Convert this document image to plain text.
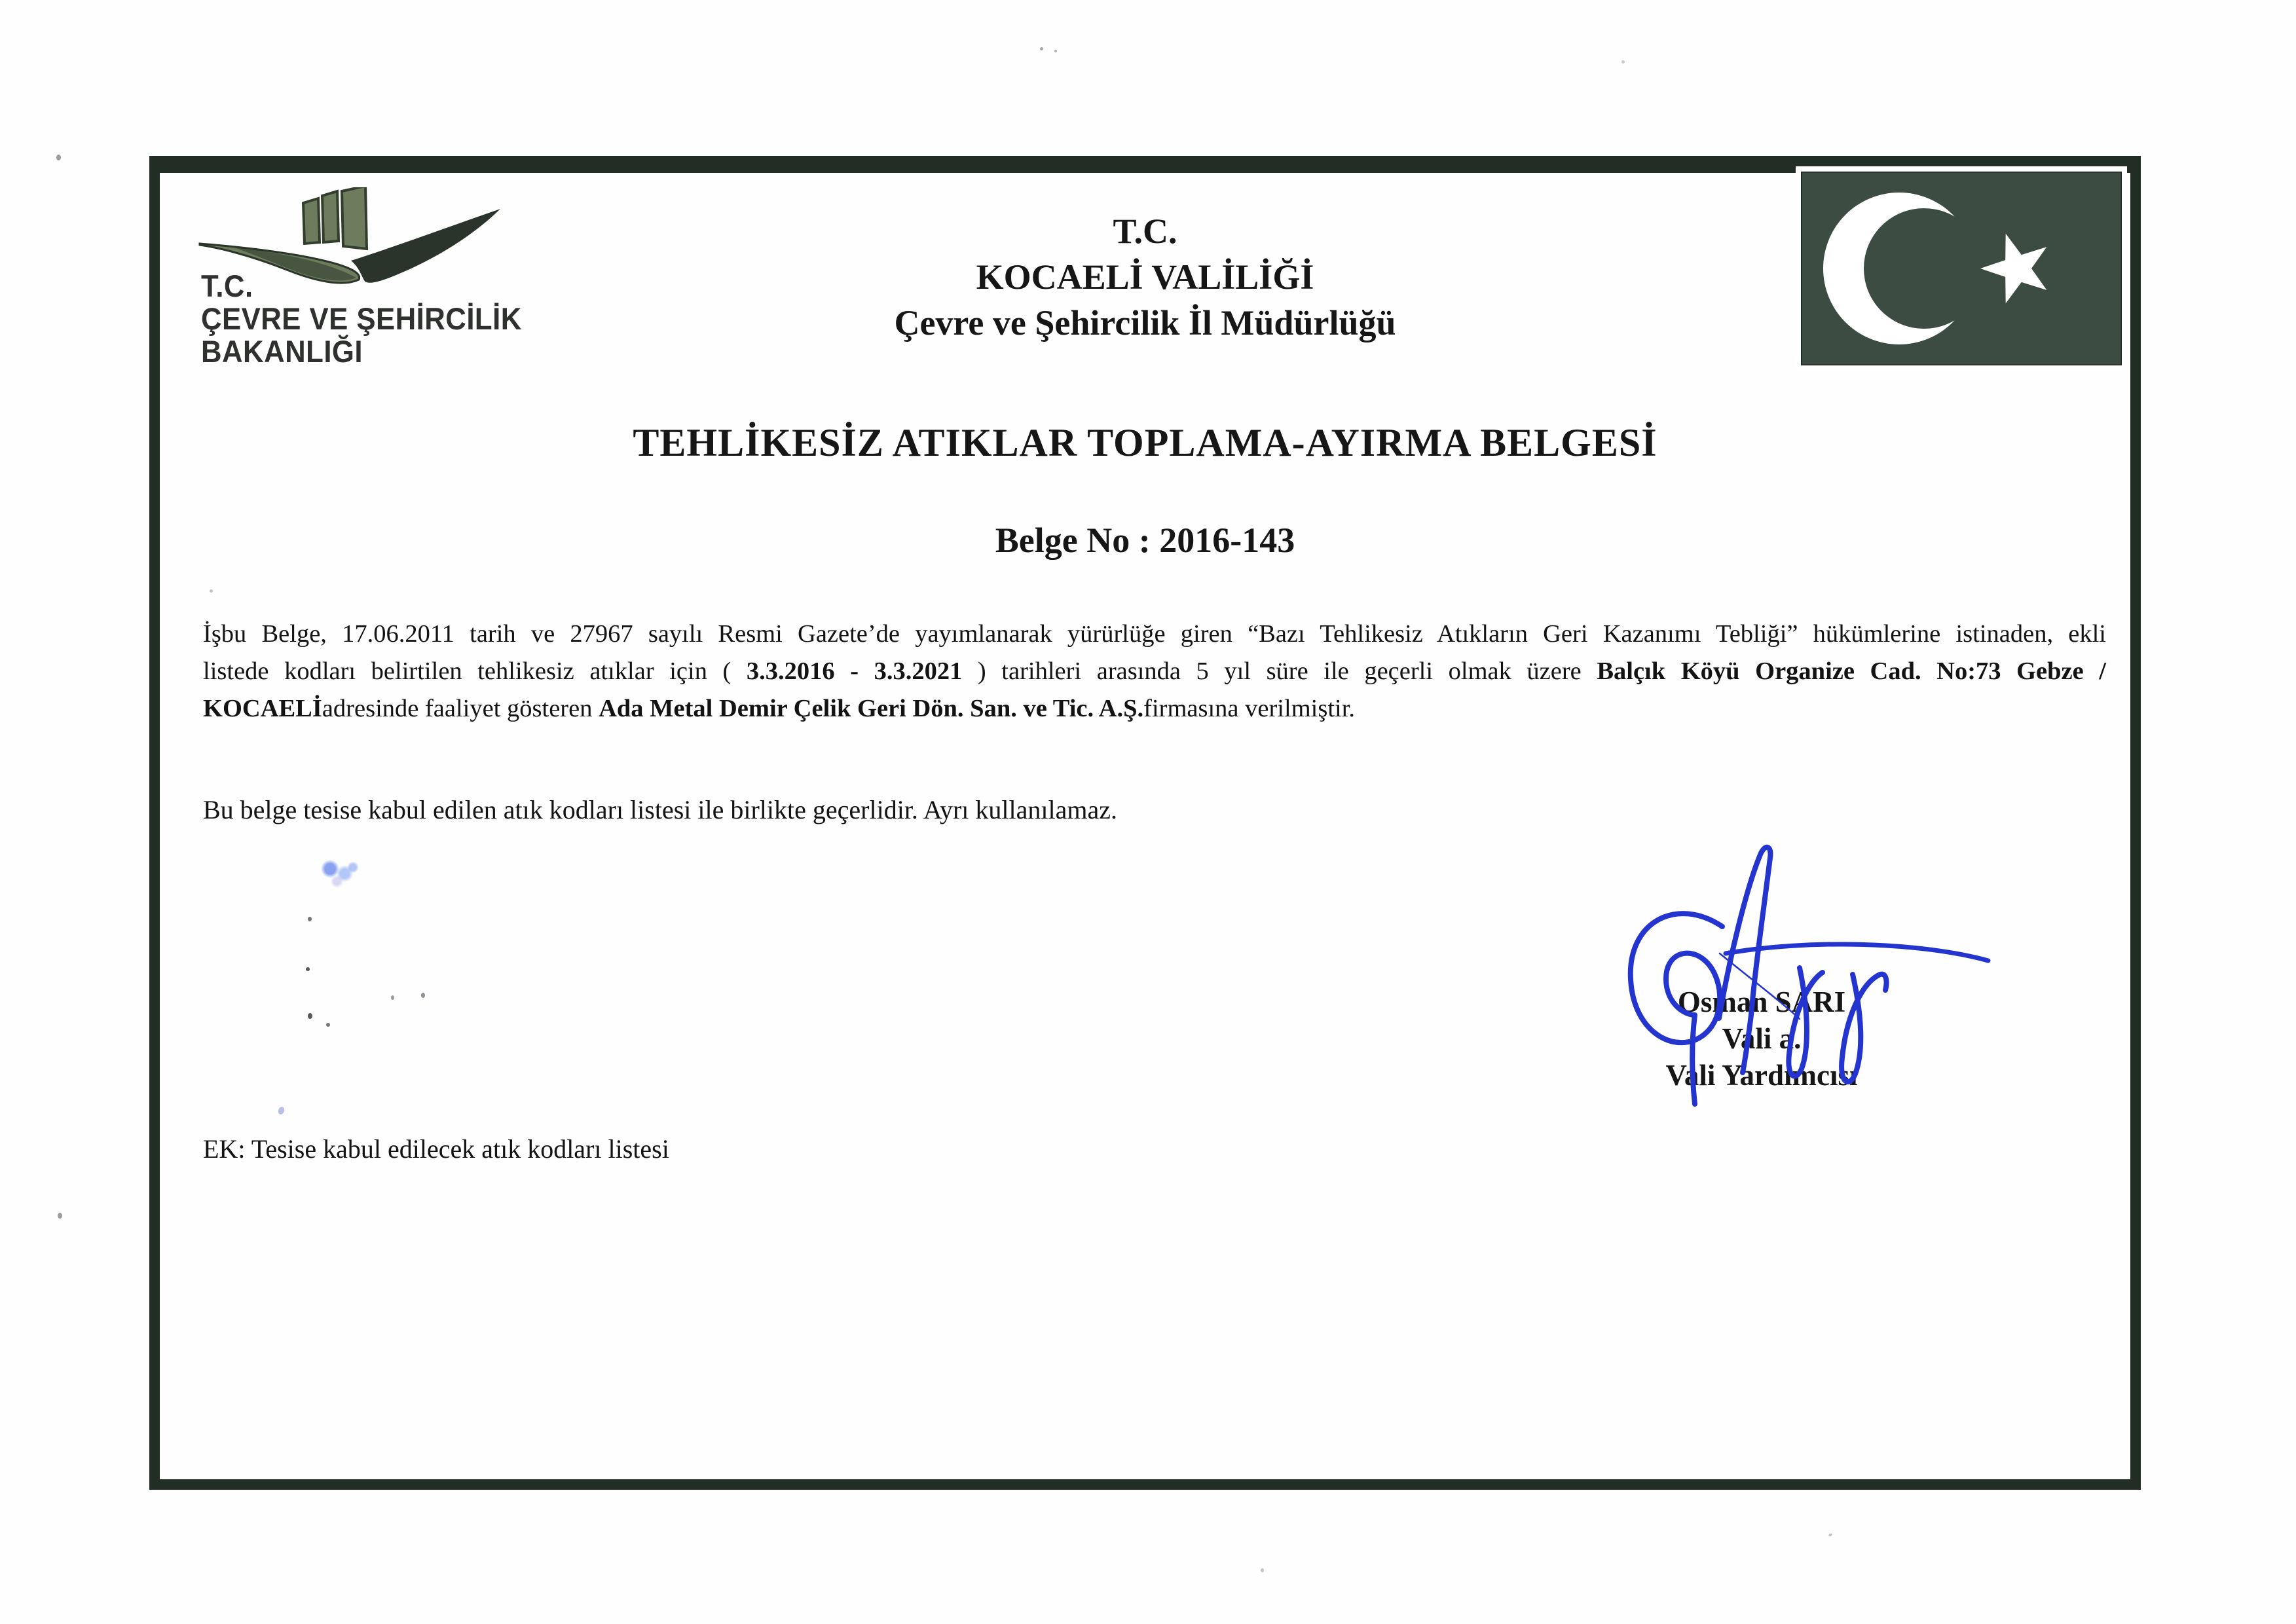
T.C.
ÇEVRE VE ŞEHİRCİLİK
BAKANLIĞI
T.C.
KOCAELİ VALİLİĞİ
Çevre ve Şehircilik İl Müdürlüğü
TEHLİKESİZ ATIKLAR TOPLAMA-AYIRMA BELGESİ
Belge No : 2016-143
İşbu Belge, 17.06.2011 tarih ve 27967 sayılı Resmi Gazete’de yayımlanarak yürürlüğe giren “Bazı Tehlikesiz Atıkların Geri Kazanımı Tebliği” hükümlerine istinaden, ekli
listede kodları belirtilen tehlikesiz atıklar için ( 3.3.2016 - 3.3.2021 ) tarihleri arasında 5 yıl süre ile geçerli olmak üzere Balçık Köyü Organize Cad. No:73 Gebze /
KOCAELİadresinde faaliyet gösteren Ada Metal Demir Çelik Geri Dön. San. ve Tic. A.Ş.firmasına verilmiştir.
Bu belge tesise kabul edilen atık kodları listesi ile birlikte geçerlidir. Ayrı kullanılamaz.
Osman SARI
Vali a.
Vali Yardımcısı
EK: Tesise kabul edilecek atık kodları listesi
